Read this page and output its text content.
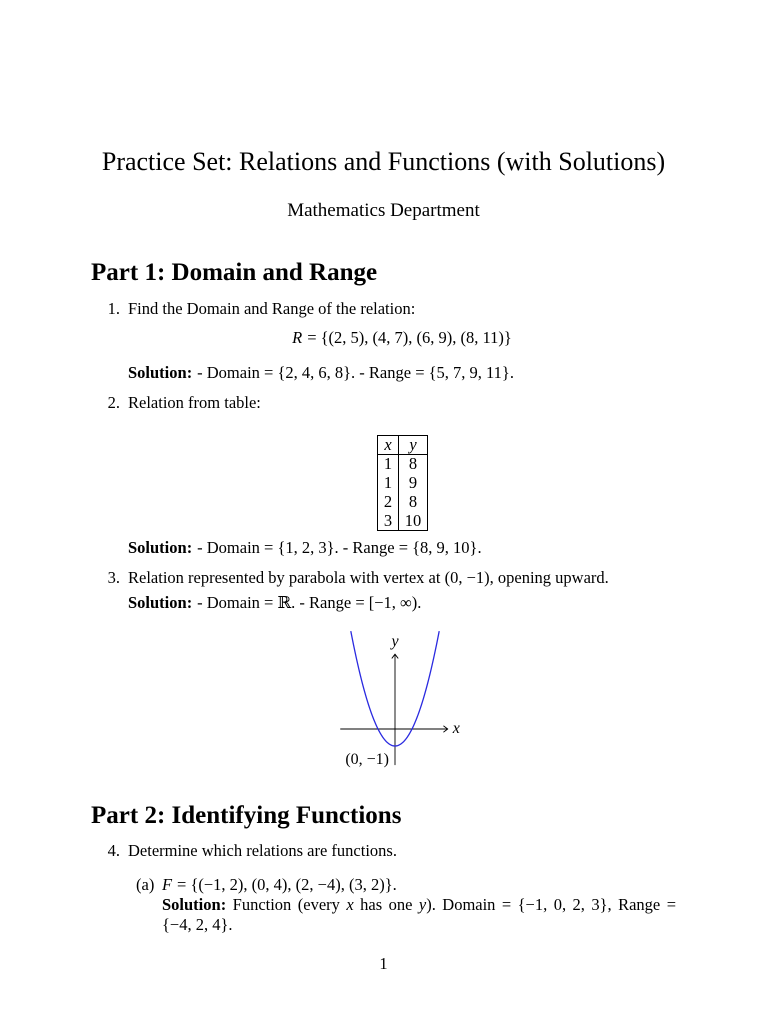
Practice Set: Relations and Functions (with Solutions)
Mathematics Department
Part 1: Domain and Range
1. Find the Domain and Range of the relation:
R = {(2, 5), (4, 7), (6, 9), (8, 11)}
Solution: - Domain = {2, 4, 6, 8}. - Range = {5, 7, 9, 11}.
2. Relation from table:
x	y
1	8
1	9
2	8
3	10
Solution: - Domain = {1, 2, 3}. - Range = {8, 9, 10}.
3. Relation represented by parabola with vertex at (0, −1), opening upward.
Solution: - Domain = ℝ. - Range = [−1, ∞).
y
x
(0, −1)
Part 2: Identifying Functions
4. Determine which relations are functions.
(a) F = {(−1, 2), (0, 4), (2, −4), (3, 2)}.
Solution: Function (every x has one y). Domain = {−1, 0, 2, 3}, Range =
{−4, 2, 4}.
1
